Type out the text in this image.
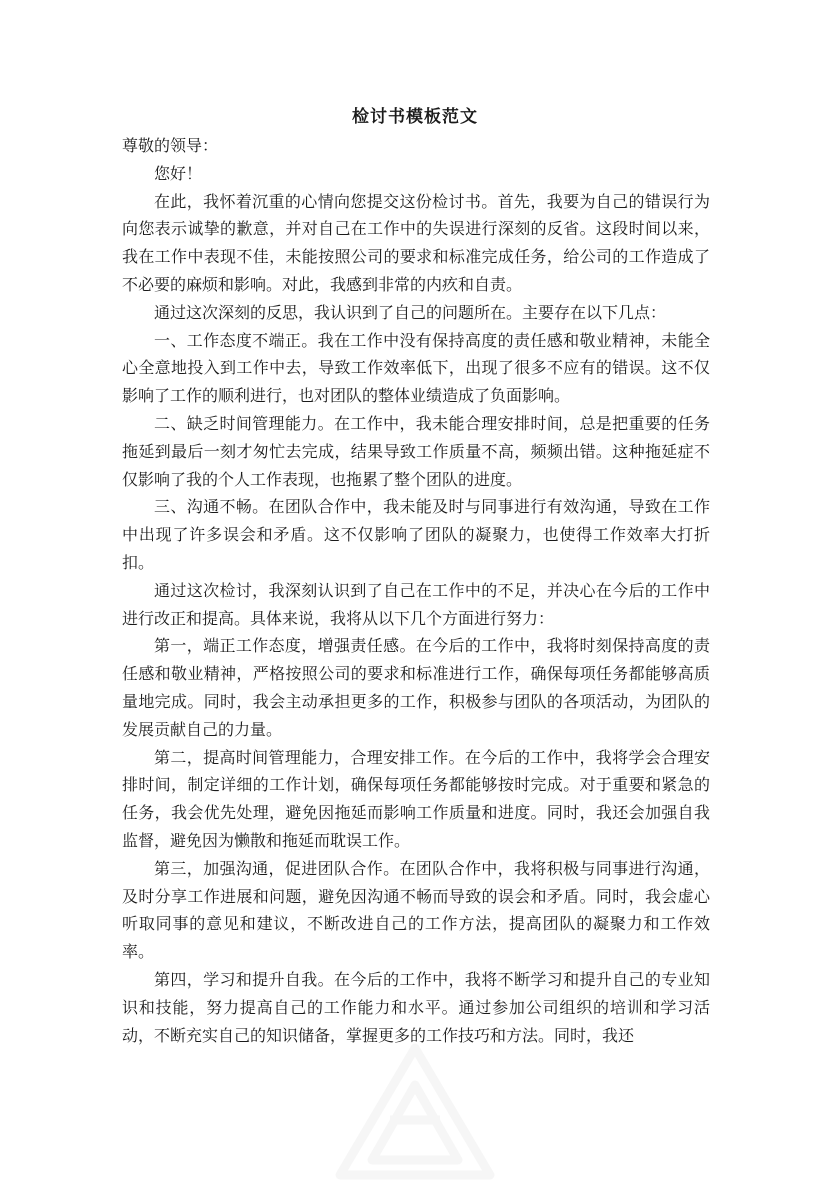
检讨书模板范文

尊敬的领导：

您好！

在此，我怀着沉重的心情向您提交这份检讨书。首先，我要为自己的错误行为向您表示诚挚的歉意，并对自己在工作中的失误进行深刻的反省。这段时间以来，我在工作中表现不佳，未能按照公司的要求和标准完成任务，给公司的工作造成了不必要的麻烦和影响。对此，我感到非常的内疚和自责。

通过这次深刻的反思，我认识到了自己的问题所在。主要存在以下几点：

一、工作态度不端正。我在工作中没有保持高度的责任感和敬业精神，未能全心全意地投入到工作中去，导致工作效率低下，出现了很多不应有的错误。这不仅影响了工作的顺利进行，也对团队的整体业绩造成了负面影响。

二、缺乏时间管理能力。在工作中，我未能合理安排时间，总是把重要的任务拖延到最后一刻才匆忙去完成，结果导致工作质量不高，频频出错。这种拖延症不仅影响了我的个人工作表现，也拖累了整个团队的进度。

三、沟通不畅。在团队合作中，我未能及时与同事进行有效沟通，导致在工作中出现了许多误会和矛盾。这不仅影响了团队的凝聚力，也使得工作效率大打折扣。

通过这次检讨，我深刻认识到了自己在工作中的不足，并决心在今后的工作中进行改正和提高。具体来说，我将从以下几个方面进行努力：

第一，端正工作态度，增强责任感。在今后的工作中，我将时刻保持高度的责任感和敬业精神，严格按照公司的要求和标准进行工作，确保每项任务都能够高质量地完成。同时，我会主动承担更多的工作，积极参与团队的各项活动，为团队的发展贡献自己的力量。

第二，提高时间管理能力，合理安排工作。在今后的工作中，我将学会合理安排时间，制定详细的工作计划，确保每项任务都能够按时完成。对于重要和紧急的任务，我会优先处理，避免因拖延而影响工作质量和进度。同时，我还会加强自我监督，避免因为懒散和拖延而耽误工作。

第三，加强沟通，促进团队合作。在团队合作中，我将积极与同事进行沟通，及时分享工作进展和问题，避免因沟通不畅而导致的误会和矛盾。同时，我会虚心听取同事的意见和建议，不断改进自己的工作方法，提高团队的凝聚力和工作效率。

第四，学习和提升自我。在今后的工作中，我将不断学习和提升自己的专业知识和技能，努力提高自己的工作能力和水平。通过参加公司组织的培训和学习活动，不断充实自己的知识储备，掌握更多的工作技巧和方法。同时，我还
